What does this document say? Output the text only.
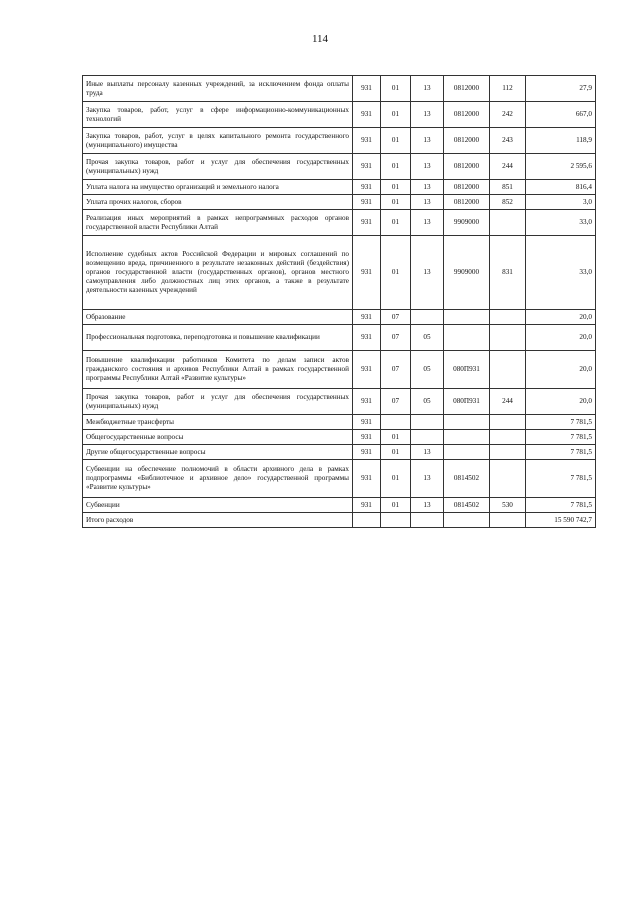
114
Иные выплаты персоналу казенных учреждений, за исключением фонда оплаты труда	931	01	13	0812000	112	27,9
Закупка товаров, работ, услуг в сфере информационно-коммуникационных технологий	931	01	13	0812000	242	667,0
Закупка товаров, работ, услуг в целях капитального ремонта государственного (муниципального) имущества	931	01	13	0812000	243	118,9
Прочая закупка товаров, работ и услуг для обеспечения государственных (муниципальных) нужд	931	01	13	0812000	244	2 595,6
Уплата налога на имущество организаций и земельного налога	931	01	13	0812000	851	816,4
Уплата прочих налогов, сборов	931	01	13	0812000	852	3,0
Реализация иных мероприятий в рамках непрограммных расходов органов государственной власти Республики Алтай	931	01	13	9909000		33,0
Исполнение судебных актов Российской Федерации и мировых соглашений по возмещению вреда, причиненного в результате незаконных действий (бездействия) органов государственной власти (государственных органов), органов местного самоуправления либо должностных лиц этих органов, а также в результате деятельности казенных учреждений	931	01	13	9909000	831	33,0
Образование	931	07				20,0
Профессиональная подготовка, переподготовка и повышение квалификации	931	07	05			20,0
Повышение квалификации работников Комитета по делам записи актов гражданского состояния и архивов Республики Алтай в рамках государственной программы Республики Алтай «Развитие культуры»	931	07	05	080П931		20,0
Прочая закупка товаров, работ и услуг для обеспечения государственных (муниципальных) нужд	931	07	05	080П931	244	20,0
Межбюджетные трансферты	931					7 781,5
Общегосударственные вопросы	931	01				7 781,5
Другие общегосударственные вопросы	931	01	13			7 781,5
Субвенции на обеспечение полномочий в области архивного дела в рамках подпрограммы «Библиотечное и архивное дело» государственной программы «Развитие культуры»	931	01	13	0814502		7 781,5
Субвенции	931	01	13	0814502	530	7 781,5
Итого расходов						15 590 742,7
